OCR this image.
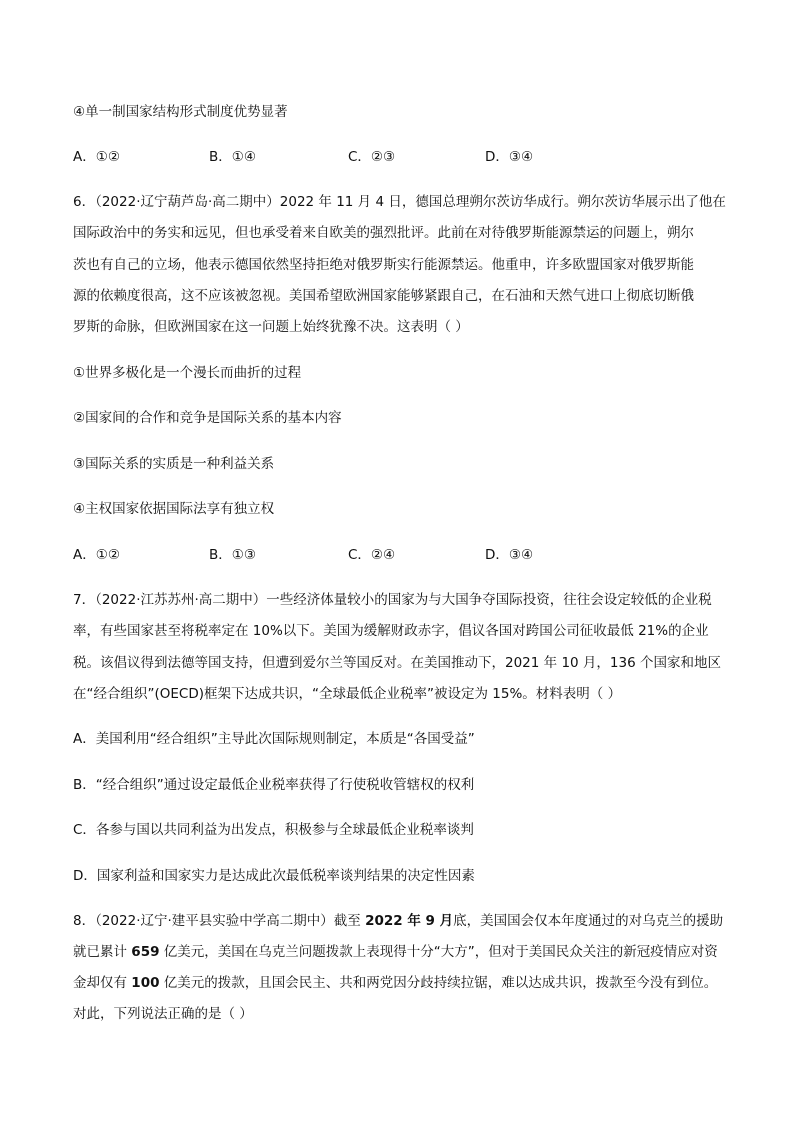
④单一制国家结构形式制度优势显著
A．①②	B．①④	C．②③	D．③④
6．（2022·辽宁葫芦岛·高二期中）2022 年 11 月 4 日，德国总理朔尔茨访华成行。朔尔茨访华展示出了他在
国际政治中的务实和远见，但也承受着来自欧美的强烈批评。此前在对待俄罗斯能源禁运的问题上，朔尔
茨也有自己的立场，他表示德国依然坚持拒绝对俄罗斯实行能源禁运。他重申，许多欧盟国家对俄罗斯能
源的依赖度很高，这不应该被忽视。美国希望欧洲国家能够紧跟自己，在石油和天然气进口上彻底切断俄
罗斯的命脉，但欧洲国家在这一问题上始终犹豫不决。这表明（ ）
①世界多极化是一个漫长而曲折的过程
②国家间的合作和竞争是国际关系的基本内容
③国际关系的实质是一种利益关系
④主权国家依据国际法享有独立权
A．①②	B．①③	C．②④	D．③④
7．（2022·江苏苏州·高二期中）一些经济体量较小的国家为与大国争夺国际投资，往往会设定较低的企业税
率，有些国家甚至将税率定在 10%以下。美国为缓解财政赤字，倡议各国对跨国公司征收最低 21%的企业
税。该倡议得到法德等国支持，但遭到爱尔兰等国反对。在美国推动下，2021 年 10 月，136 个国家和地区
在“经合组织”(OECD)框架下达成共识，“全球最低企业税率”被设定为 15%。材料表明（ ）
A．美国利用“经合组织”主导此次国际规则制定，本质是“各国受益”
B．“经合组织”通过设定最低企业税率获得了行使税收管辖权的权利
C．各参与国以共同利益为出发点，积极参与全球最低企业税率谈判
D．国家利益和国家实力是达成此次最低税率谈判结果的决定性因素
8．（2022·辽宁·建平县实验中学高二期中）截至 2022 年 9 月底，美国国会仅本年度通过的对乌克兰的援助
就已累计 659 亿美元，美国在乌克兰问题拨款上表现得十分“大方”，但对于美国民众关注的新冠疫情应对资
金却仅有 100 亿美元的拨款，且国会民主、共和两党因分歧持续拉锯，难以达成共识，拨款至今没有到位。
对此，下列说法正确的是（ ）
